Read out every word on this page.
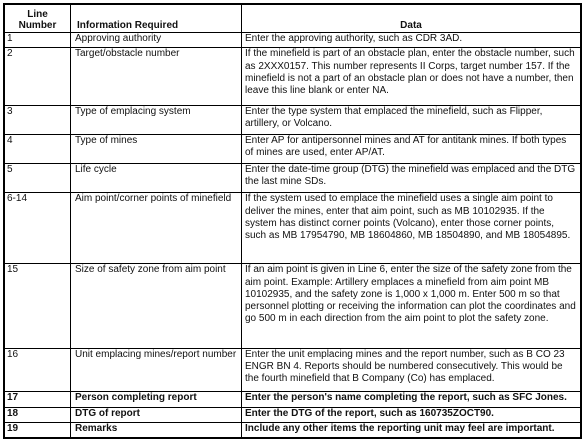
Line Number	Information Required	Data
1	Approving authority	Enter the approving authority, such as CDR 3AD.
2	Target/obstacle number	If the minefield is part of an obstacle plan, enter the obstacle number, such as 2XXX0157. This number represents II Corps, target number 157. If the minefield is not a part of an obstacle plan or does not have a number, then leave this line blank or enter NA.
3	Type of emplacing system	Enter the type system that emplaced the minefield, such as Flipper, artillery, or Volcano.
4	Type of mines	Enter AP for antipersonnel mines and AT for antitank mines. If both types of mines are used, enter AP/AT.
5	Life cycle	Enter the date-time group (DTG) the minefield was emplaced and the DTG the last mine SDs.
6-14	Aim point/corner points of minefield	If the system used to emplace the minefield uses a single aim point to deliver the mines, enter that aim point, such as MB 10102935. If the system has distinct corner points (Volcano), enter those corner points, such as MB 17954790, MB 18604860, MB 18504890, and MB 18054895.
15	Size of safety zone from aim point	If an aim point is given in Line 6, enter the size of the safety zone from the aim point. Example: Artillery emplaces a minefield from aim point MB 10102935, and the safety zone is 1,000 x 1,000 m. Enter 500 m so that personnel plotting or receiving the information can plot the coordinates and go 500 m in each direction from the aim point to plot the safety zone.
16	Unit emplacing mines/report number	Enter the unit emplacing mines and the report number, such as B CO 23 ENGR BN 4. Reports should be numbered consecutively. This would be the fourth minefield that B Company (Co) has emplaced.
17	Person completing report	Enter the person's name completing the report, such as SFC Jones.
18	DTG of report	Enter the DTG of the report, such as 160735ZOCT90.
19	Remarks	Include any other items the reporting unit may feel are important.
